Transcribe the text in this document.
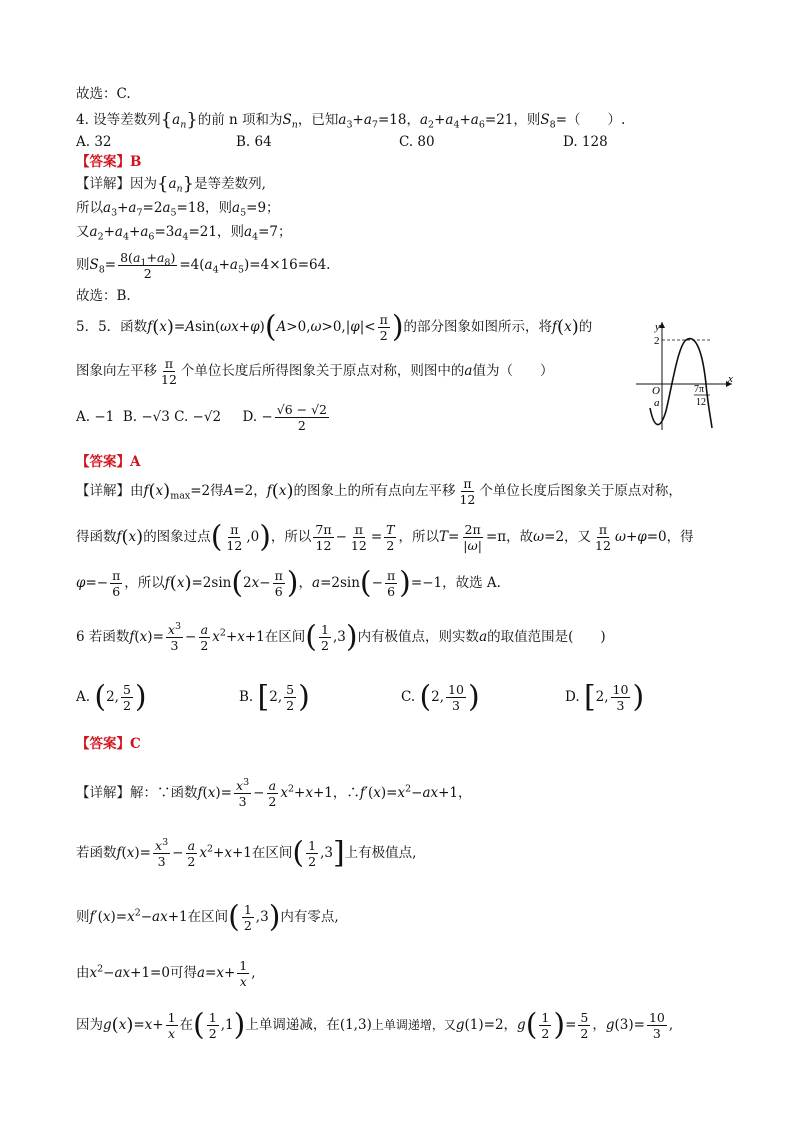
故选：C.
4. 设等差数列$\{a_n\}$的前 n 项和为$S_n$，已知$a_3+a_7=18$，$a_2+a_4+a_6=21$，则$S_8=$（　　）.
A. 32	B. 64	C. 80	D. 128
【答案】B
【详解】因为$\{a_n\}$是等差数列,
所以$a_3+a_7=2a_5=18$，则$a_5=9$；
又$a_2+a_4+a_6=3a_4=21$，则$a_4=7$；
则$S_8= \frac{8(a_1+a_8)}{2} =4(a_4+a_5)=4\times 16=64$.
故选：B.
5．5．函数$f(x)=Asin(\omega x+\varphi)(A>0,\omega>0,|\varphi|< \frac{\pi}{2}$ )的部分图象如图所示，将f(x)的
图象向左平移 $\frac{\pi}{12}$ 个单位长度后所得图象关于原点对称，则图中的a值为（　　）
A. −1  B. −√3 C. −√2     D. − $\frac{√6 - √2}{2}$
y
x
2
O
a
7π
12
【答案】A
【详解】由$f(x)_{max}=2$得A=2，f(x)的图象上的所有点向左平移 $\frac{\pi}{12}$ 个单位长度后图象关于原点对称，
得函数f(x)的图象过点( $\frac{\pi}{12} ,0$)，所以 $\frac{7\pi}{12} - \frac{\pi}{12} = \frac{T}{2}$ ，所以$T= \frac{2\pi}{|\omega|} =\pi$，故ω=2，又 $\frac{\pi}{12} \omega+\varphi=0$，得
$\varphi=- \frac{\pi}{6}$ ，所以$f(x)=2\sin(2x- \frac{\pi}{6}$ )，$a=2\sin(- \frac{\pi}{6} )=-1$，故选 A.
6 若函数$f(x)= \frac{x^3}{3} - \frac{a}{2} x^2+x+1$在区间( $\frac{1}{2} ,3$)内有极值点，则实数a的取值范围是(　　)
A. (2, $\frac{5}{2}$ )	B. [2, $\frac{5}{2}$ )	C. (2, $\frac{10}{3}$ )	D. [2, $\frac{10}{3}$ )
【答案】C
【详解】解：∵函数$f(x)= \frac{x^3}{3} - \frac{a}{2} x^2+x+1$，$\therefore f'(x)=x^2-ax+1$，
若函数$f(x)= \frac{x^3}{3} - \frac{a}{2} x^2+x+1$在区间( $\frac{1}{2} ,3$]上有极值点,
则$f'(x)=x^2-ax+1$在区间( $\frac{1}{2} ,3$)内有零点,
由$x^2-ax+1=0$可得$a=x+ \frac{1}{x}$ ,
因为$g(x)=x+ \frac{1}{x}$ 在( $\frac{1}{2} ,1$)上单调递减，在(1,3)上单调递增，又g(1)=2，$g( \frac{1}{2}$ )= $\frac{5}{2}$ ，$g(3)= \frac{10}{3}$ ,
